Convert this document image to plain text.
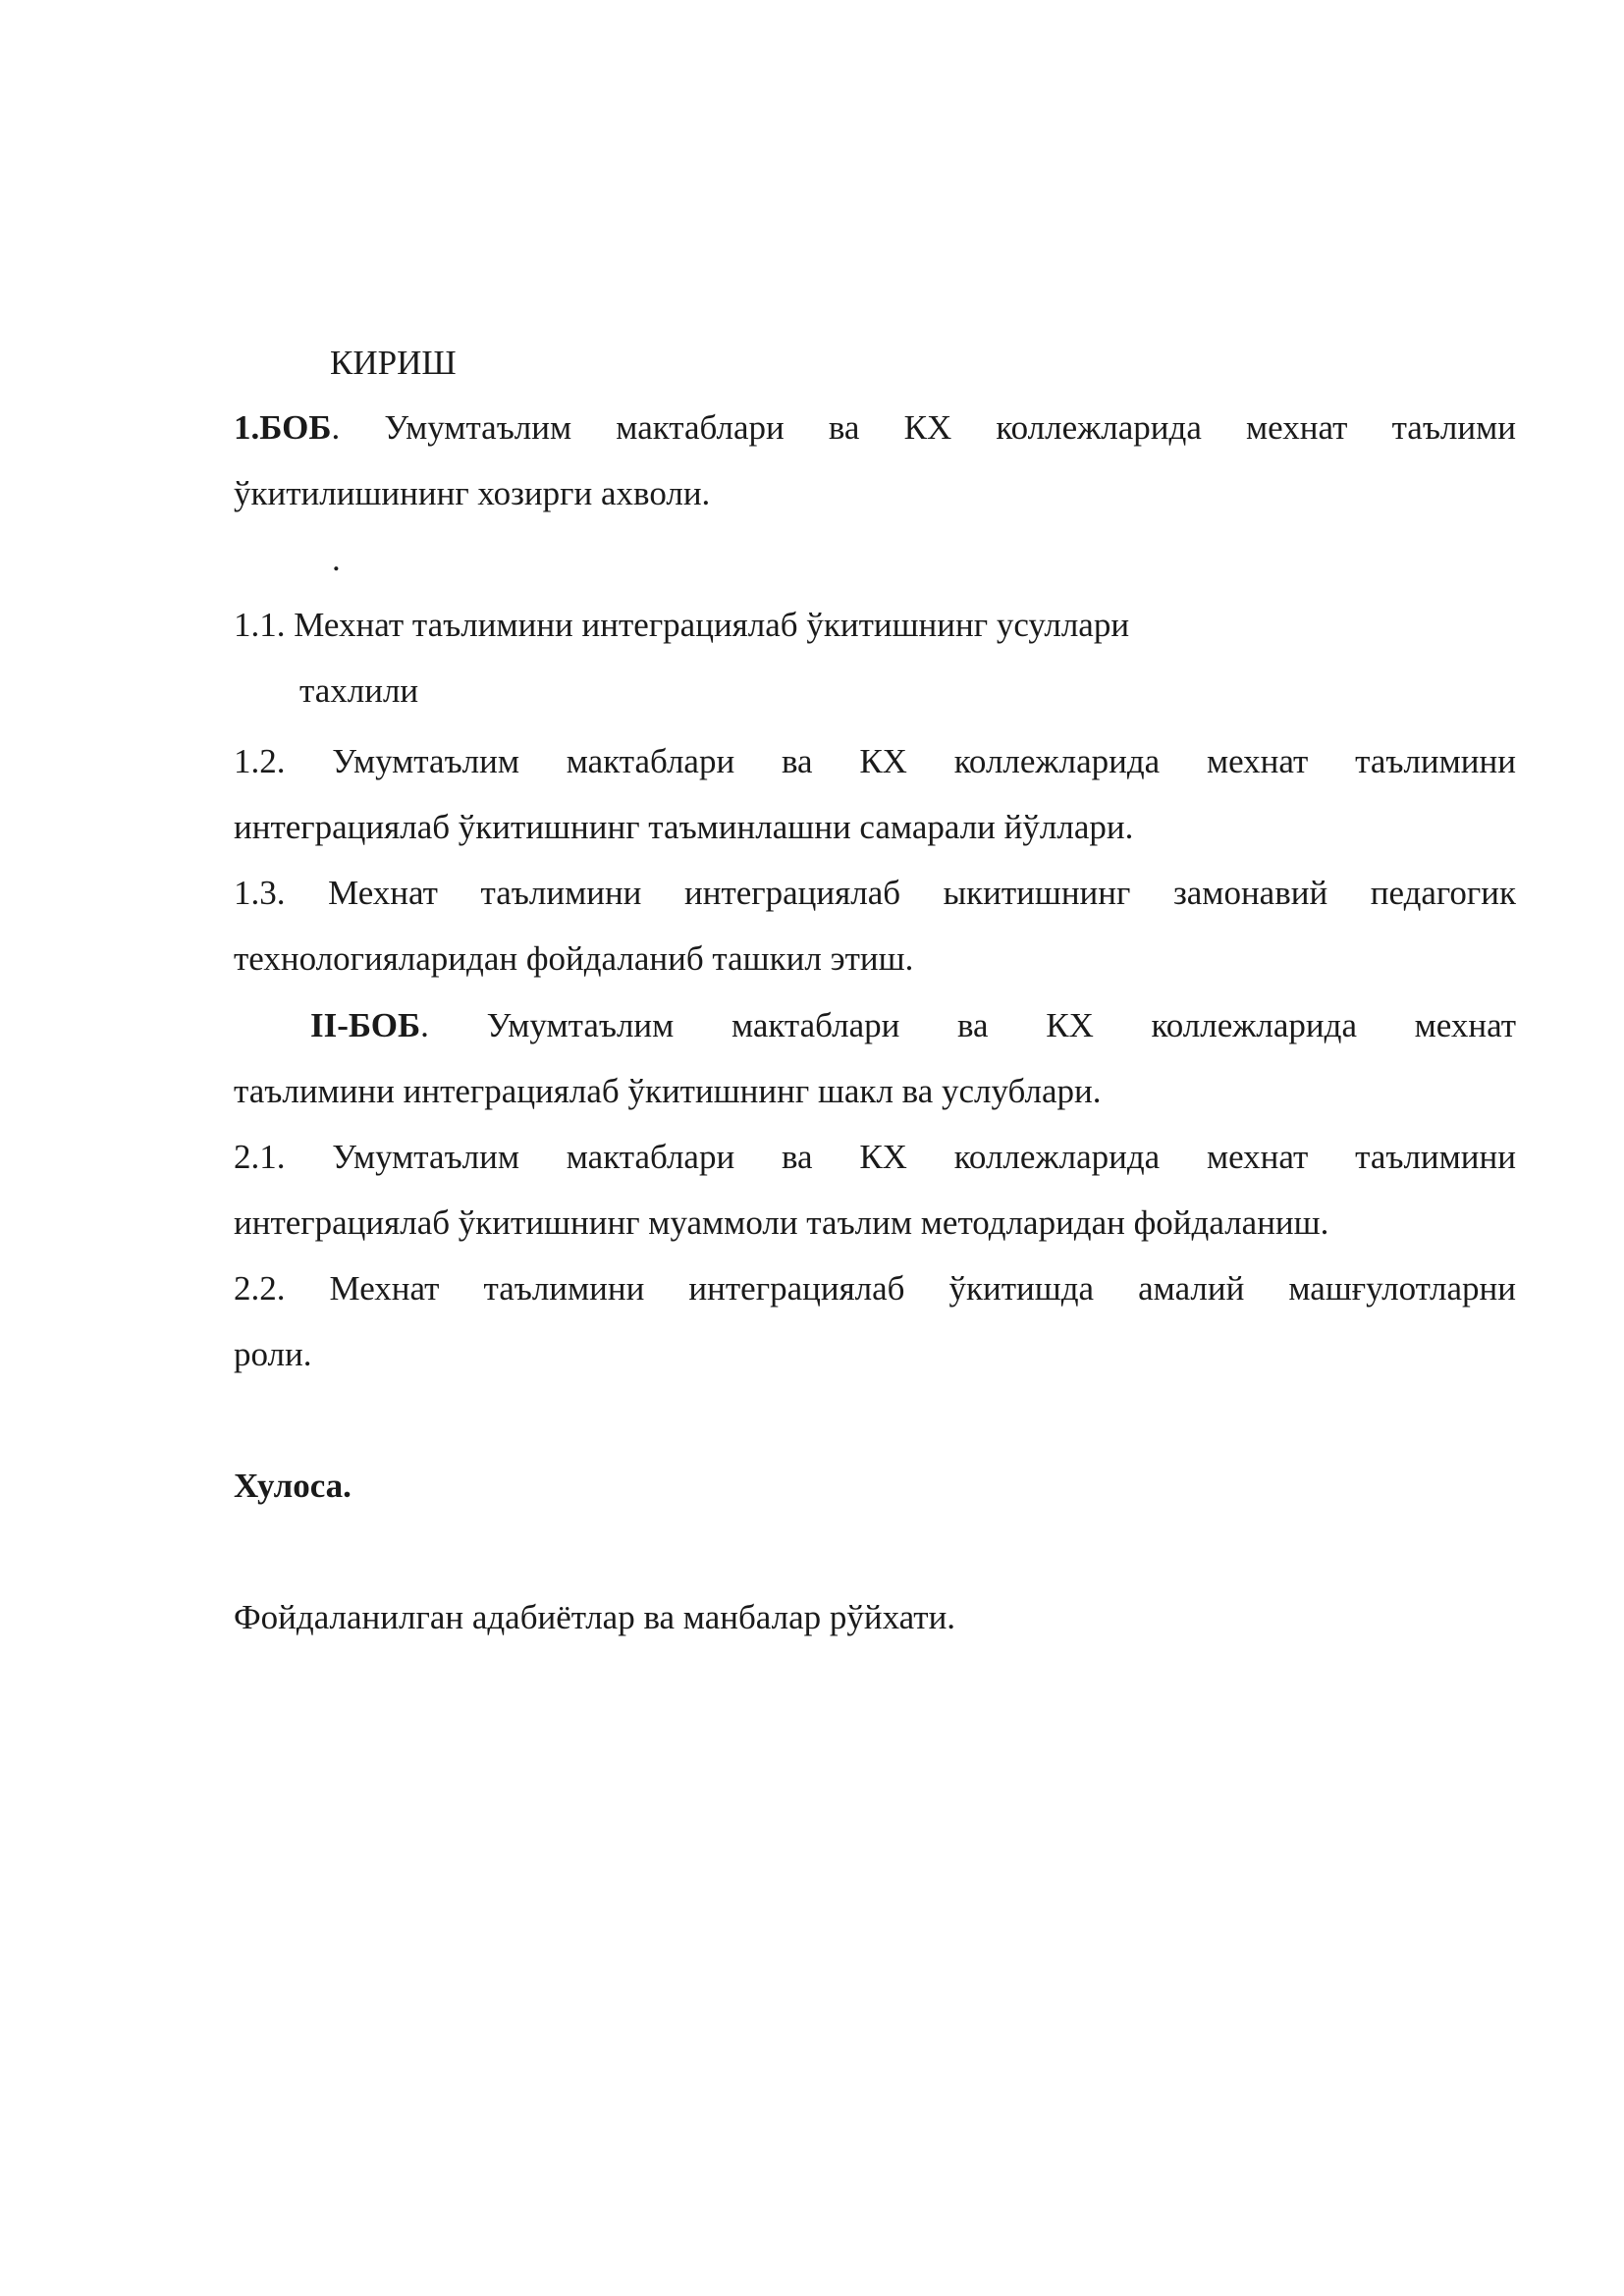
КИРИШ
1.БОБ. Умумтаълим мактаблари ва КХ коллежларида мехнат таълими
ўкитилишининг хозирги ахволи.
.
1.1. Мехнат таълимини интеграциялаб ўкитишнинг усуллари
тахлили
1.2. Умумтаълим мактаблари ва КХ коллежларида мехнат таълимини
интеграциялаб ўкитишнинг таъминлашни самарали йўллари.
1.3. Мехнат таълимини интеграциялаб ыкитишнинг замонавий педагогик
технологияларидан фойдаланиб ташкил этиш.
II-БОБ. Умумтаълим мактаблари ва КХ коллежларида мехнат
таълимини интеграциялаб ўкитишнинг шакл ва услублари.
2.1. Умумтаълим мактаблари ва КХ коллежларида мехнат таълимини
интеграциялаб ўкитишнинг муаммоли таълим методларидан фойдаланиш.
2.2. Мехнат таълимини интеграциялаб ўкитишда амалий машғулотларни
роли.
Хулоса.
Фойдаланилган адабиётлар ва манбалар рўйхати.
